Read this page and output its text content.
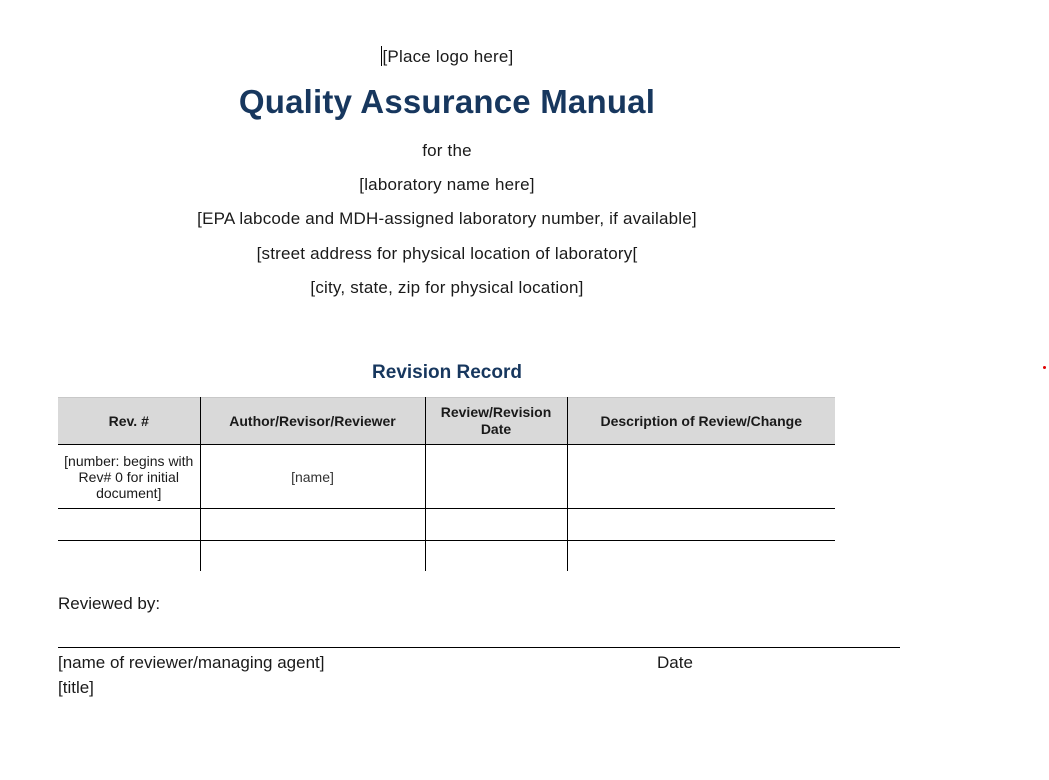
[Place logo here]
Quality Assurance Manual
for the
[laboratory name here]
[EPA labcode and MDH-assigned laboratory number, if available]
[street address for physical location of laboratory[
[city, state, zip for physical location]
Revision Record
Rev. #	Author/Revisor/Reviewer	Review/Revision Date	Description of Review/Change
[number: begins with Rev# 0 for initial document]	[name]		

Reviewed by:
[name of reviewer/managing agent]	Date
[title]
